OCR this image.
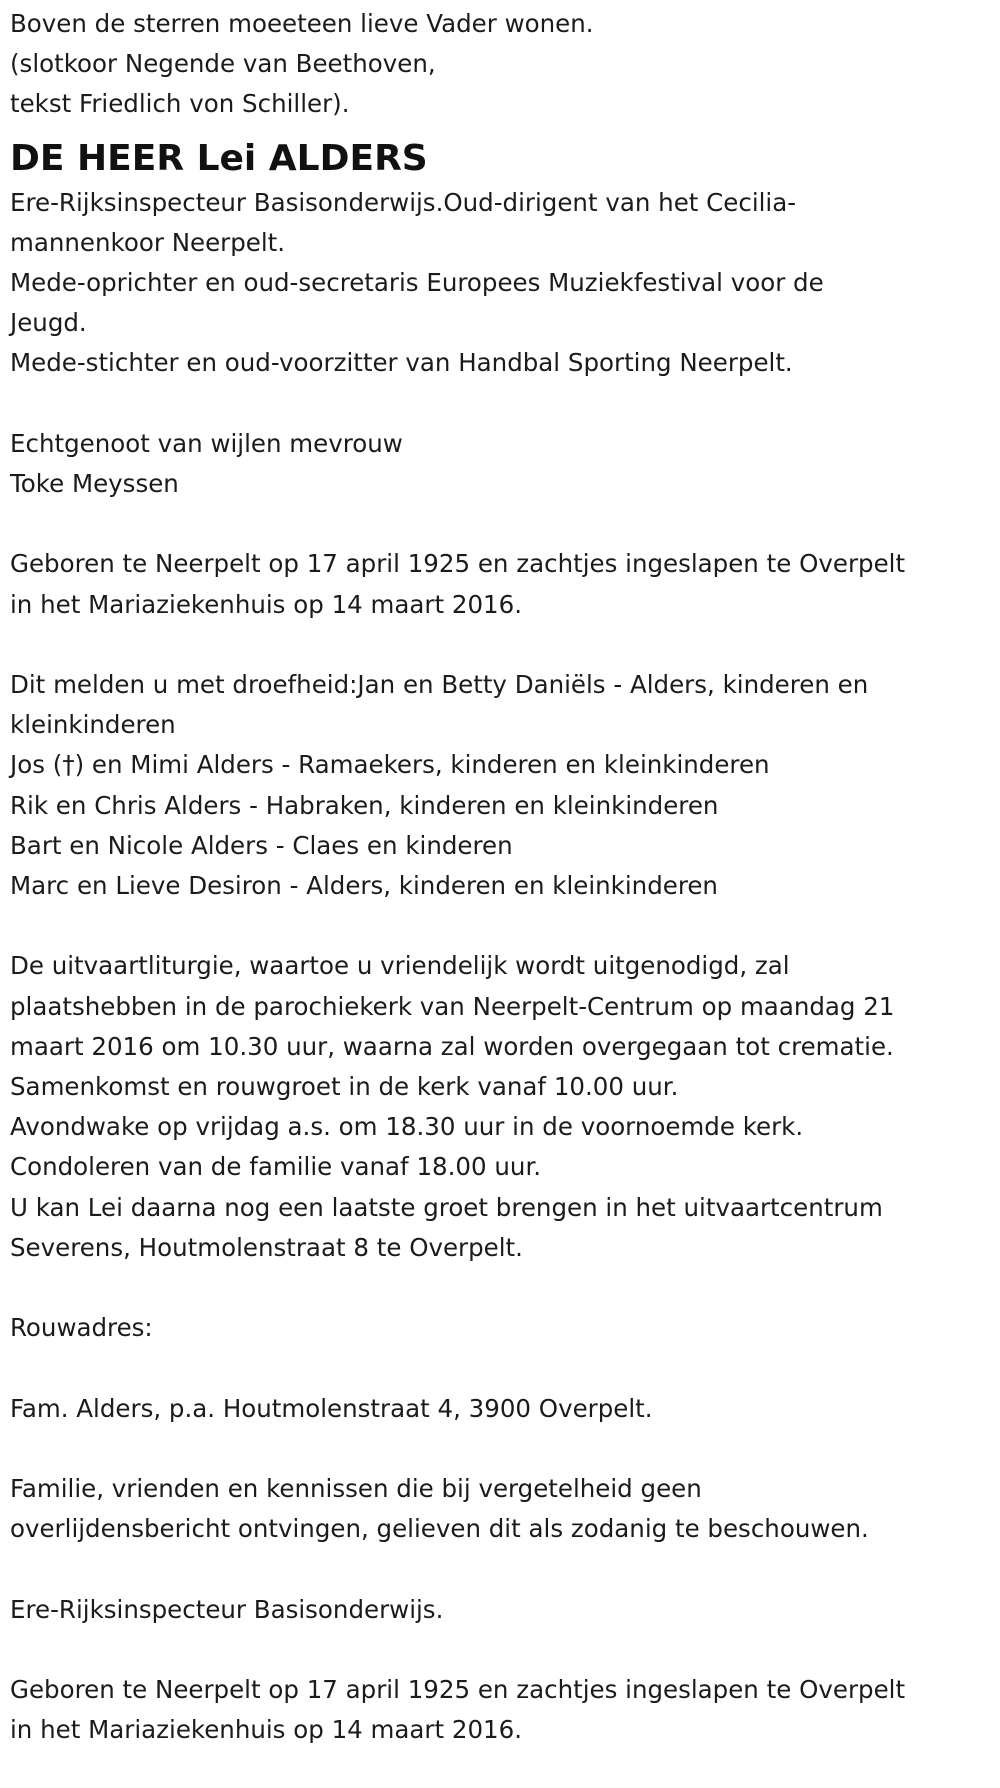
Boven de sterren moeeteen lieve Vader wonen.

(slotkoor Negende van Beethoven,

tekst Friedlich von Schiller).

DE HEER Lei ALDERS

Ere-Rijksinspecteur Basisonderwijs.Oud-dirigent van het Cecilia-

mannenkoor Neerpelt.

Mede-oprichter en oud-secretaris Europees Muziekfestival voor de

Jeugd.

Mede-stichter en oud-voorzitter van Handbal Sporting Neerpelt.

Echtgenoot van wijlen mevrouw

Toke Meyssen

Geboren te Neerpelt op 17 april 1925 en zachtjes ingeslapen te Overpelt

in het Mariaziekenhuis op 14 maart 2016.

Dit melden u met droefheid:Jan en Betty Daniëls - Alders, kinderen en

kleinkinderen

Jos (†) en Mimi Alders - Ramaekers, kinderen en kleinkinderen

Rik en Chris Alders - Habraken, kinderen en kleinkinderen

Bart en Nicole Alders - Claes en kinderen

Marc en Lieve Desiron - Alders, kinderen en kleinkinderen

De uitvaartliturgie, waartoe u vriendelijk wordt uitgenodigd, zal

plaatshebben in de parochiekerk van Neerpelt-Centrum op maandag 21

maart 2016 om 10.30 uur, waarna zal worden overgegaan tot crematie.

Samenkomst en rouwgroet in de kerk vanaf 10.00 uur.

Avondwake op vrijdag a.s. om 18.30 uur in de voornoemde kerk.

Condoleren van de familie vanaf 18.00 uur.

U kan Lei daarna nog een laatste groet brengen in het uitvaartcentrum

Severens, Houtmolenstraat 8 te Overpelt.

Rouwadres:

Fam. Alders, p.a. Houtmolenstraat 4, 3900 Overpelt.

Familie, vrienden en kennissen die bij vergetelheid geen

overlijdensbericht ontvingen, gelieven dit als zodanig te beschouwen.

Ere-Rijksinspecteur Basisonderwijs.

Geboren te Neerpelt op 17 april 1925 en zachtjes ingeslapen te Overpelt

in het Mariaziekenhuis op 14 maart 2016.
